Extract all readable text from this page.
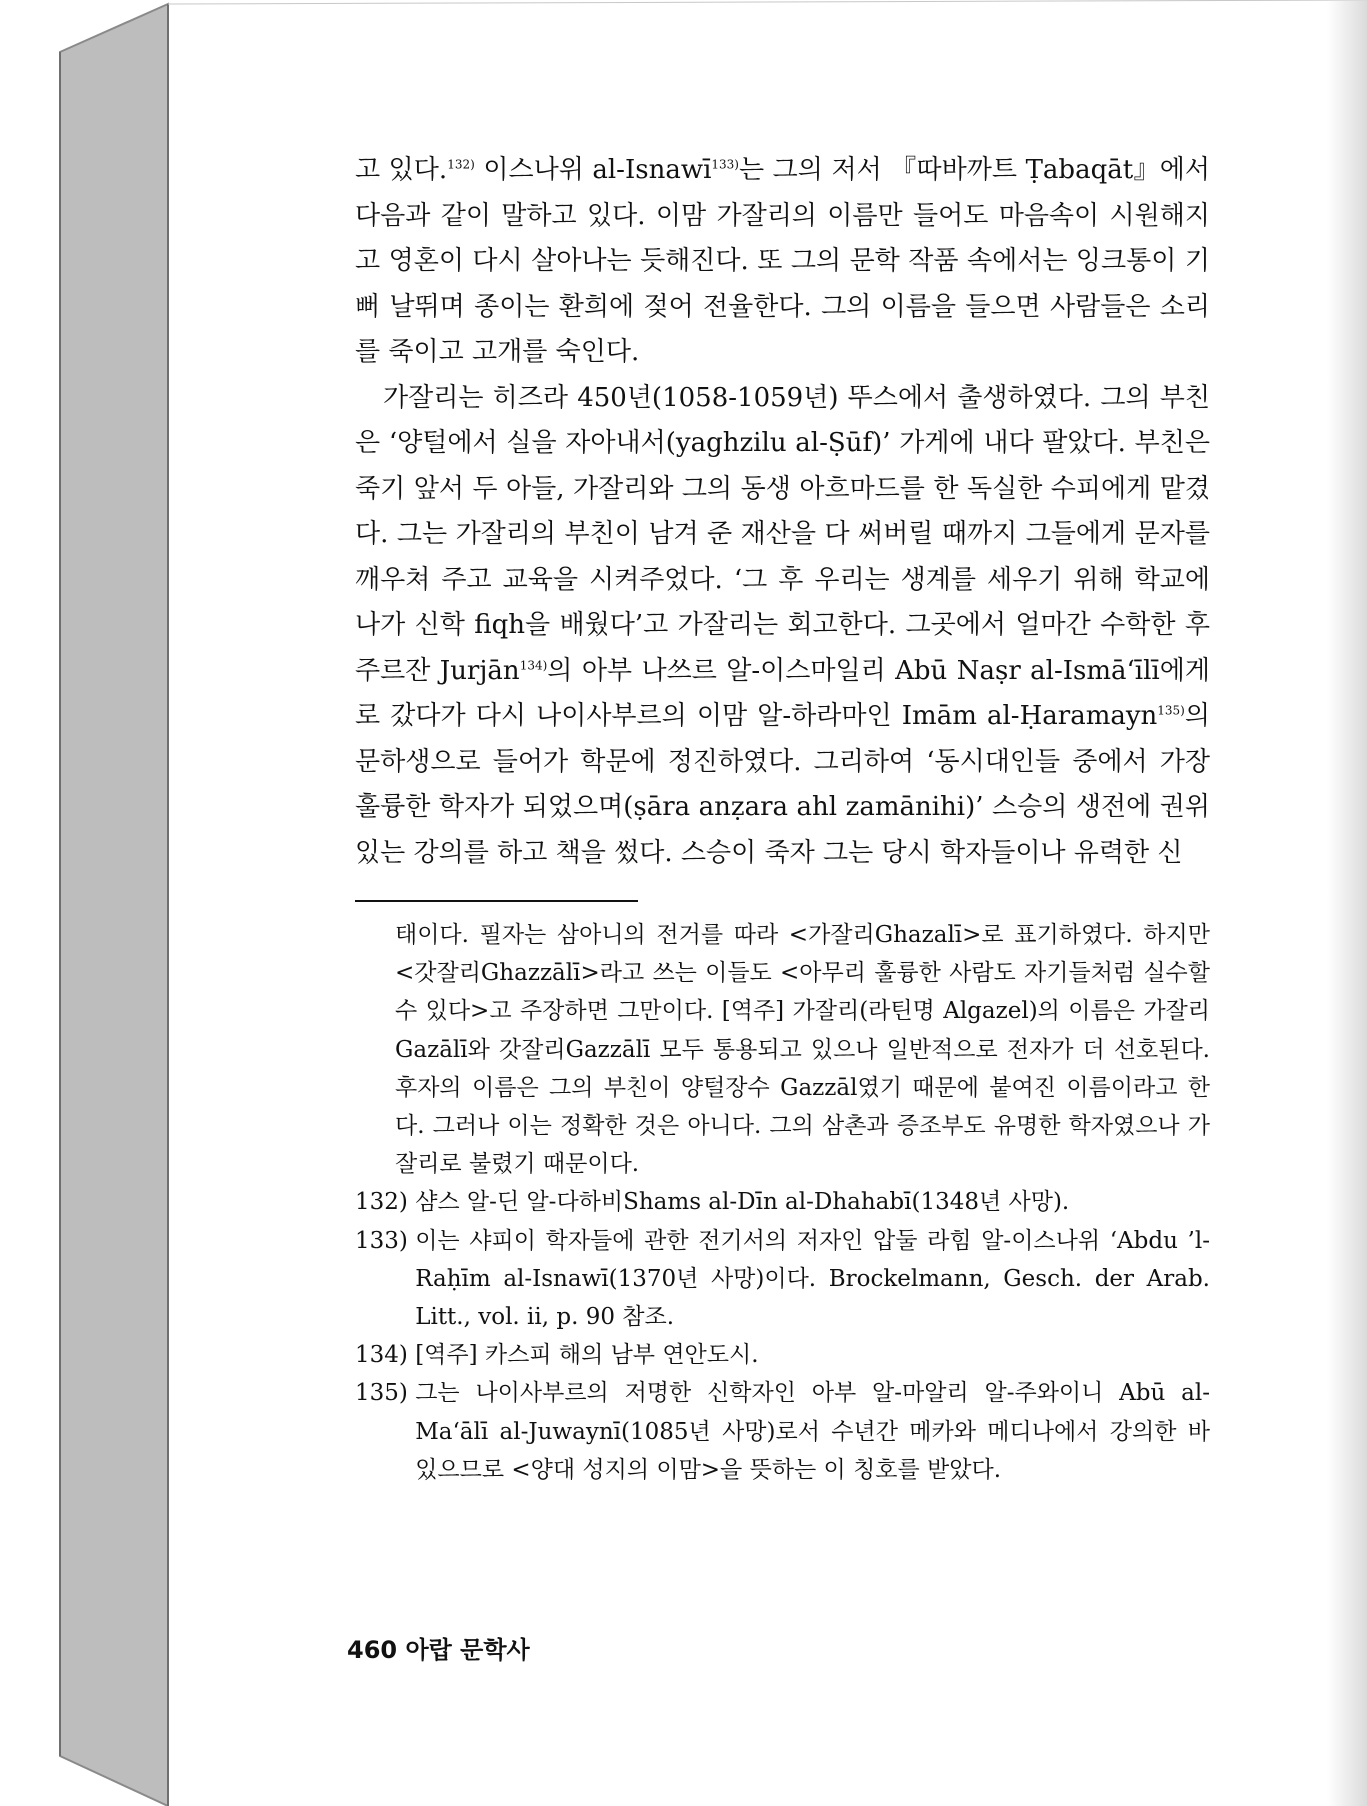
고 있다.$^{132)}$ 이스나위 al-Isnawī$^{133)}$는 그의 저서 『따바까트 Ṭabaqāt』에서 다음과 같이 말하고 있다. 이맘 가잘리의 이름만 들어도 마음속이 시원해지고 영혼이 다시 살아나는 듯해진다. 또 그의 문학 작품 속에서는 잉크통이 기뻐 날뛰며 종이는 환희에 젖어 전율한다. 그의 이름을 들으면 사람들은 소리를 죽이고 고개를 숙인다.

가잘리는 히즈라 450년(1058-1059년) 뚜스에서 출생하였다. 그의 부친은 ‘양털에서 실을 자아내서(yaghzilu al-Ṣūf)’ 가게에 내다 팔았다. 부친은 죽기 앞서 두 아들, 가잘리와 그의 동생 아흐마드를 한 독실한 수피에게 맡겼다. 그는 가잘리의 부친이 남겨 준 재산을 다 써버릴 때까지 그들에게 문자를 깨우쳐 주고 교육을 시켜주었다. ‘그 후 우리는 생계를 세우기 위해 학교에 나가 신학 fiqh을 배웠다’고 가잘리는 회고한다. 그곳에서 얼마간 수학한 후 주르잔 Jurjān$^{134)}$의 아부 나쓰르 알-이스마일리 Abū Naṣr al-Ismāʻīlī에게로 갔다가 다시 나이사부르의 이맘 알-하라마인 Imām al-Ḥaramayn$^{135)}$의 문하생으로 들어가 학문에 정진하였다. 그리하여 ‘동시대인들 중에서 가장 훌륭한 학자가 되었으며(ṣāra anẓara ahl zamānihi)’ 스승의 생전에 권위 있는 강의를 하고 책을 썼다. 스승이 죽자 그는 당시 학자들이나 유력한 신

태이다. 필자는 삼아니의 전거를 따라 <가잘리Ghazalī>로 표기하였다. 하지만 <갓잘리Ghazzālī>라고 쓰는 이들도 <아무리 훌륭한 사람도 자기들처럼 실수할 수 있다>고 주장하면 그만이다. [역주] 가잘리(라틴명 Algazel)의 이름은 가잘리Gazālī와 갓잘리Gazzālī 모두 통용되고 있으나 일반적으로 전자가 더 선호된다. 후자의 이름은 그의 부친이 양털장수 Gazzāl였기 때문에 붙여진 이름이라고 한다. 그러나 이는 정확한 것은 아니다. 그의 삼촌과 증조부도 유명한 학자였으나 가잘리로 불렸기 때문이다.

132) 샴스 알-딘 알-다하비Shams al-Dīn al-Dhahabī(1348년 사망).
133) 이는 샤피이 학자들에 관한 전기서의 저자인 압둘 라힘 알-이스나위 ‘Abdu ’l-Raḥīm al-Isnawī(1370년 사망)이다. Brockelmann, Gesch. der Arab. Litt., vol. ii, p. 90 참조.
134) [역주] 카스피 해의 남부 연안도시.
135) 그는 나이사부르의 저명한 신학자인 아부 알-마알리 알-주와이니 Abū al-Maʻālī al-Juwaynī(1085년 사망)로서 수년간 메카와 메디나에서 강의한 바 있으므로 <양대 성지의 이맘>을 뜻하는 이 칭호를 받았다.
460 아랍 문학사
